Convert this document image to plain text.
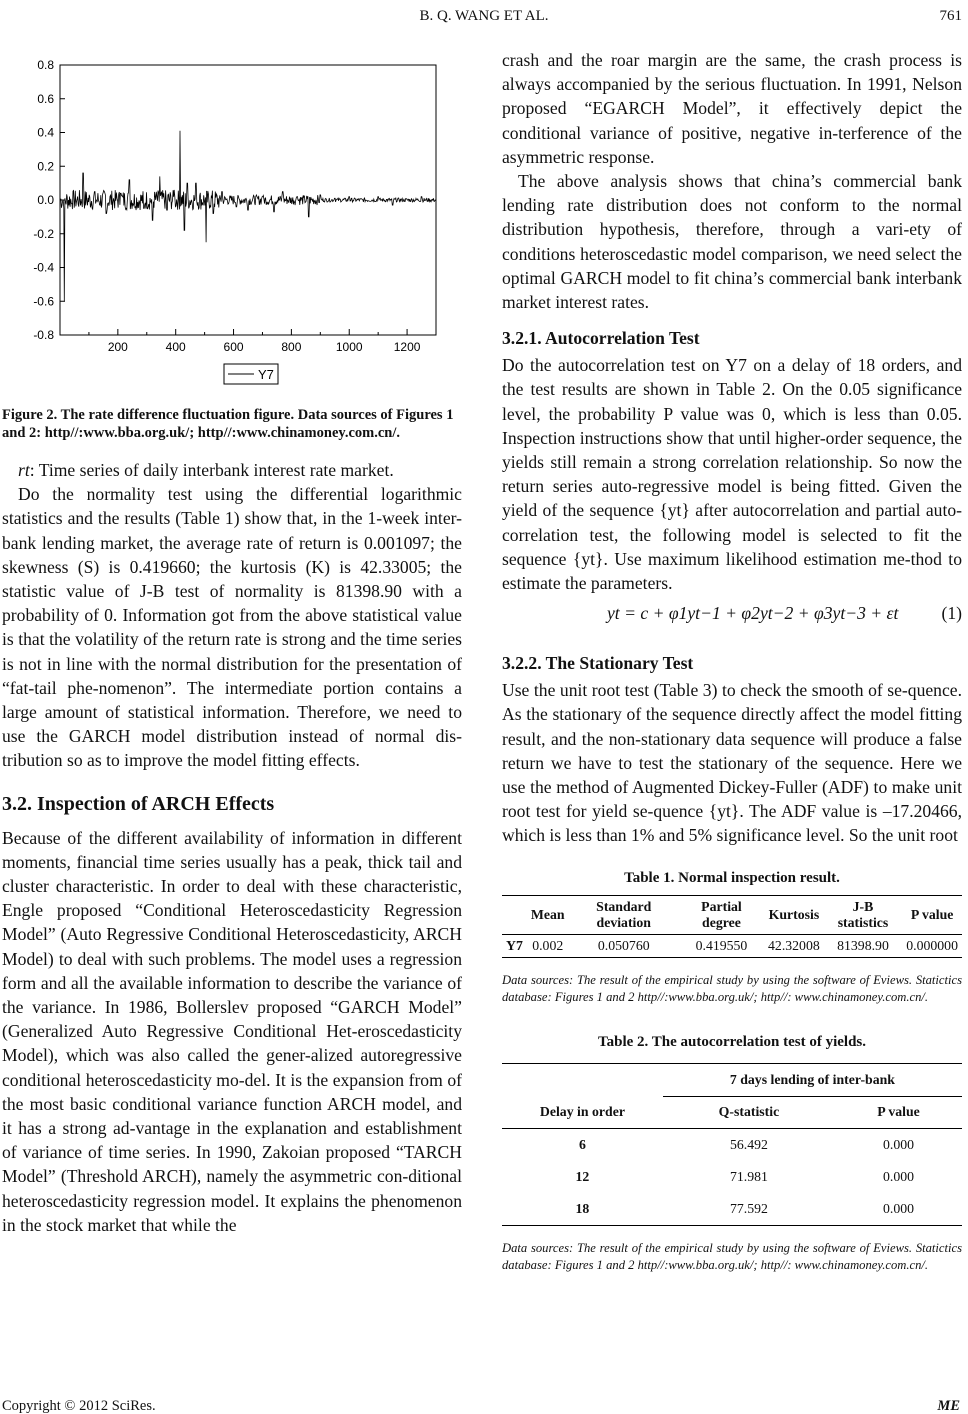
B. Q. WANG ET AL.	761
0.8
0.6
0.4
0.2
0.0
-0.2
-0.4
-0.6
-0.8
200	400	600	800	1000	1200
Y7
Figure 2. The rate difference fluctuation figure. Data sources of Figures 1 and 2: http//:www.bba.org.uk/; http//:www.chinamoney.com.cn/.

rt: Time series of daily interbank interest rate market.

Do the normality test using the differential logarithmic statistics and the results (Table 1) show that, in the 1-week inter-bank lending market, the average rate of return is 0.001097; the skewness (S) is 0.419660; the kurtosis (K) is 42.33005; the statistic value of J-B test of normality is 81398.90 with a probability of 0. Information got from the above statistical value is that the volatility of the return rate is strong and the time series is not in line with the normal distribution for the presentation of “fat-tail phe-nomenon”. The intermediate portion contains a large amount of statistical information. Therefore, we need to use the GARCH model distribution instead of normal dis-tribution so as to improve the model fitting effects.

3.2. Inspection of ARCH Effects

Because of the different availability of information in different moments, financial time series usually has a peak, thick tail and cluster characteristic. In order to deal with these characteristic, Engle proposed “Conditional Heteroscedasticity Regression Model” (Auto Regressive Conditional Heteroscedasticity, ARCH Model) to deal with such problems. The model uses a regression form and all the available information to describe the variance of the variance. In 1986, Bollerslev proposed “GARCH Model” (Generalized Auto Regressive Conditional Het-eroscedasticity Model), which was also called the gener-alized autoregressive conditional heteroscedasticity mo-del. It is the expansion from of the most basic conditional variance function ARCH model, and it has a strong ad-vantage in the explanation and establishment of variance of time series. In 1990, Zakoian proposed “TARCH Model” (Threshold ARCH), namely the asymmetric con-ditional heteroscedasticity regression model. It explains the phenomenon in the stock market that while the

crash and the roar margin are the same, the crash process is always accompanied by the serious fluctuation. In 1991, Nelson proposed “EGARCH Model”, it effectively depict the conditional variance of positive, negative in-terference of the asymmetric response.

The above analysis shows that china’s commercial bank lending rate distribution does not conform to the normal distribution hypothesis, therefore, through a vari-ety of conditions heteroscedastic model comparison, we need select the optimal GARCH model to fit china’s commercial bank interbank market interest rates.

3.2.1. Autocorrelation Test

Do the autocorrelation test on Y7 on a delay of 18 orders, and the test results are shown in Table 2. On the 0.05 significance level, the probability P value was 0, which is less than 0.05. Inspection instructions show that until higher-order sequence, the yields still remain a strong correlation relationship. So now the return series auto-regressive model is being fitted. Given the yield of the sequence {yt} after autocorrelation and partial auto-correlation test, the following model is selected to fit the sequence {yt}. Use maximum likelihood estimation me-thod to estimate the parameters.

yt = c + φ1yt−1 + φ2yt−2 + φ3yt−3 + εt (1)
3.2.2. The Stationary Test

Use the unit root test (Table 3) to check the smooth of se-quence. As the stationary of the sequence directly affect the model fitting result, and the non-stationary data sequence will produce a false return we have to test the stationary of the sequence. Here we use the method of Augmented Dickey-Fuller (ADF) to make unit root test for yield se-quence {yt}. The ADF value is –17.20466, which is less than 1% and 5% significance level. So the unit root

Table 1. Normal inspection result.
	Mean	Standard deviation	Partial degree	Kurtosis	J-B statistics	P value
Y7	0.002	0.050760	0.419550	42.32008	81398.90	0.000000
Data sources: The result of the empirical study by using the software of Eviews. Statictics database: Figures 1 and 2 http//:www.bba.org.uk/; http//: www.chinamoney.com.cn/.
Table 2. The autocorrelation test of yields.
	7 days lending of inter-bank	
Delay in order	Q-statistic	P value
6	56.492	0.000
12	71.981	0.000
18	77.592	0.000
Data sources: The result of the empirical study by using the software of Eviews. Statictics database: Figures 1 and 2 http//:www.bba.org.uk/; http//: www.chinamoney.com.cn/.
Copyright © 2012 SciRes.	ME
